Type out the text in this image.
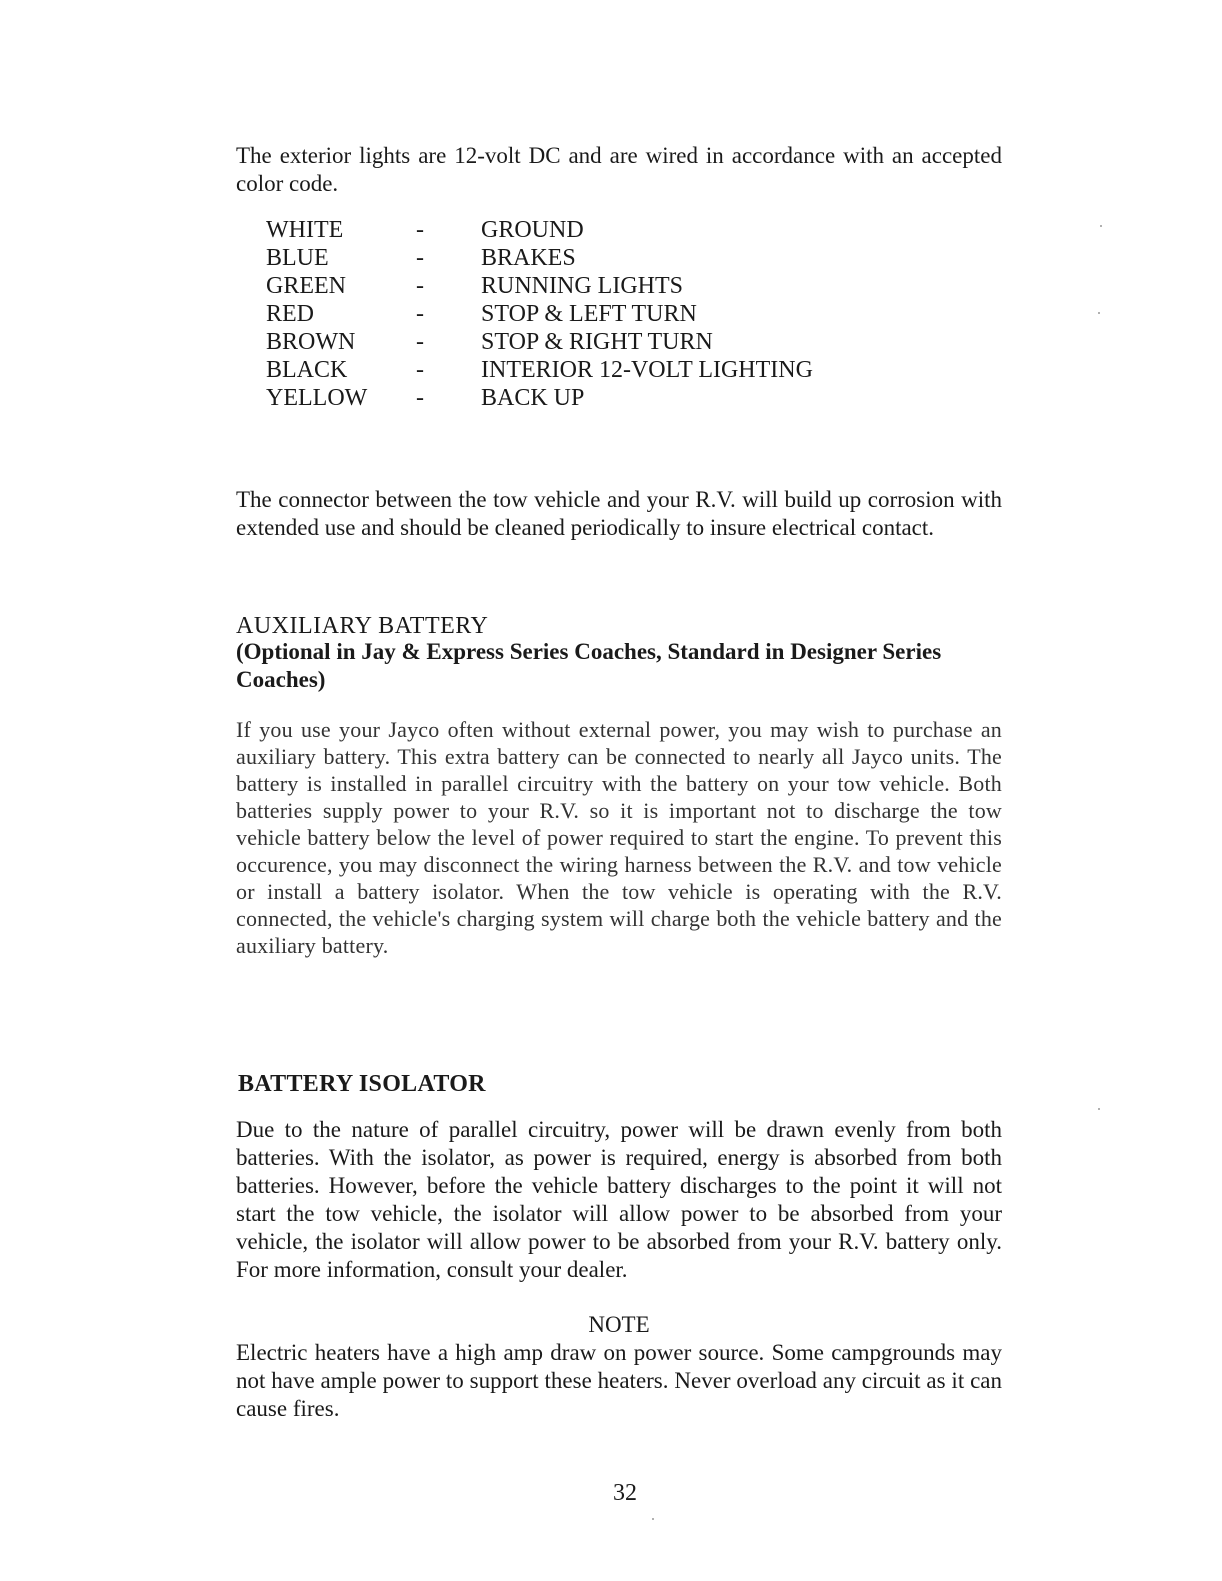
The exterior lights are 12-volt DC and are wired in accordance with an accepted color code.

WHITE	-	GROUND
BLUE	-	BRAKES
GREEN	-	RUNNING LIGHTS
RED	-	STOP & LEFT TURN
BROWN	-	STOP & RIGHT TURN
BLACK	-	INTERIOR 12-VOLT LIGHTING
YELLOW	-	BACK UP

The connector between the tow vehicle and your R.V. will build up corrosion with extended use and should be cleaned periodically to insure electrical contact.

AUXILIARY BATTERY

(Optional in Jay & Express Series Coaches, Standard in Designer Series Coaches)

If you use your Jayco often without external power, you may wish to purchase an auxiliary battery. This extra battery can be connected to nearly all Jayco units. The battery is installed in parallel circuitry with the battery on your tow vehicle. Both batteries supply power to your R.V. so it is important not to discharge the tow vehicle battery below the level of power required to start the engine. To prevent this occurence, you may disconnect the wiring harness between the R.V. and tow vehicle or install a battery isolator. When the tow vehicle is operating with the R.V. connected, the vehicle's charging system will charge both the vehicle battery and the auxiliary battery.

BATTERY ISOLATOR

Due to the nature of parallel circuitry, power will be drawn evenly from both batteries. With the isolator, as power is required, energy is absorbed from both batteries. However, before the vehicle battery discharges to the point it will not start the tow vehicle, the isolator will allow power to be absorbed from your vehicle, the isolator will allow power to be absorbed from your R.V. battery only. For more information, consult your dealer.

NOTE

Electric heaters have a high amp draw on power source. Some campgrounds may not have ample power to support these heaters. Never overload any circuit as it can cause fires.

32
